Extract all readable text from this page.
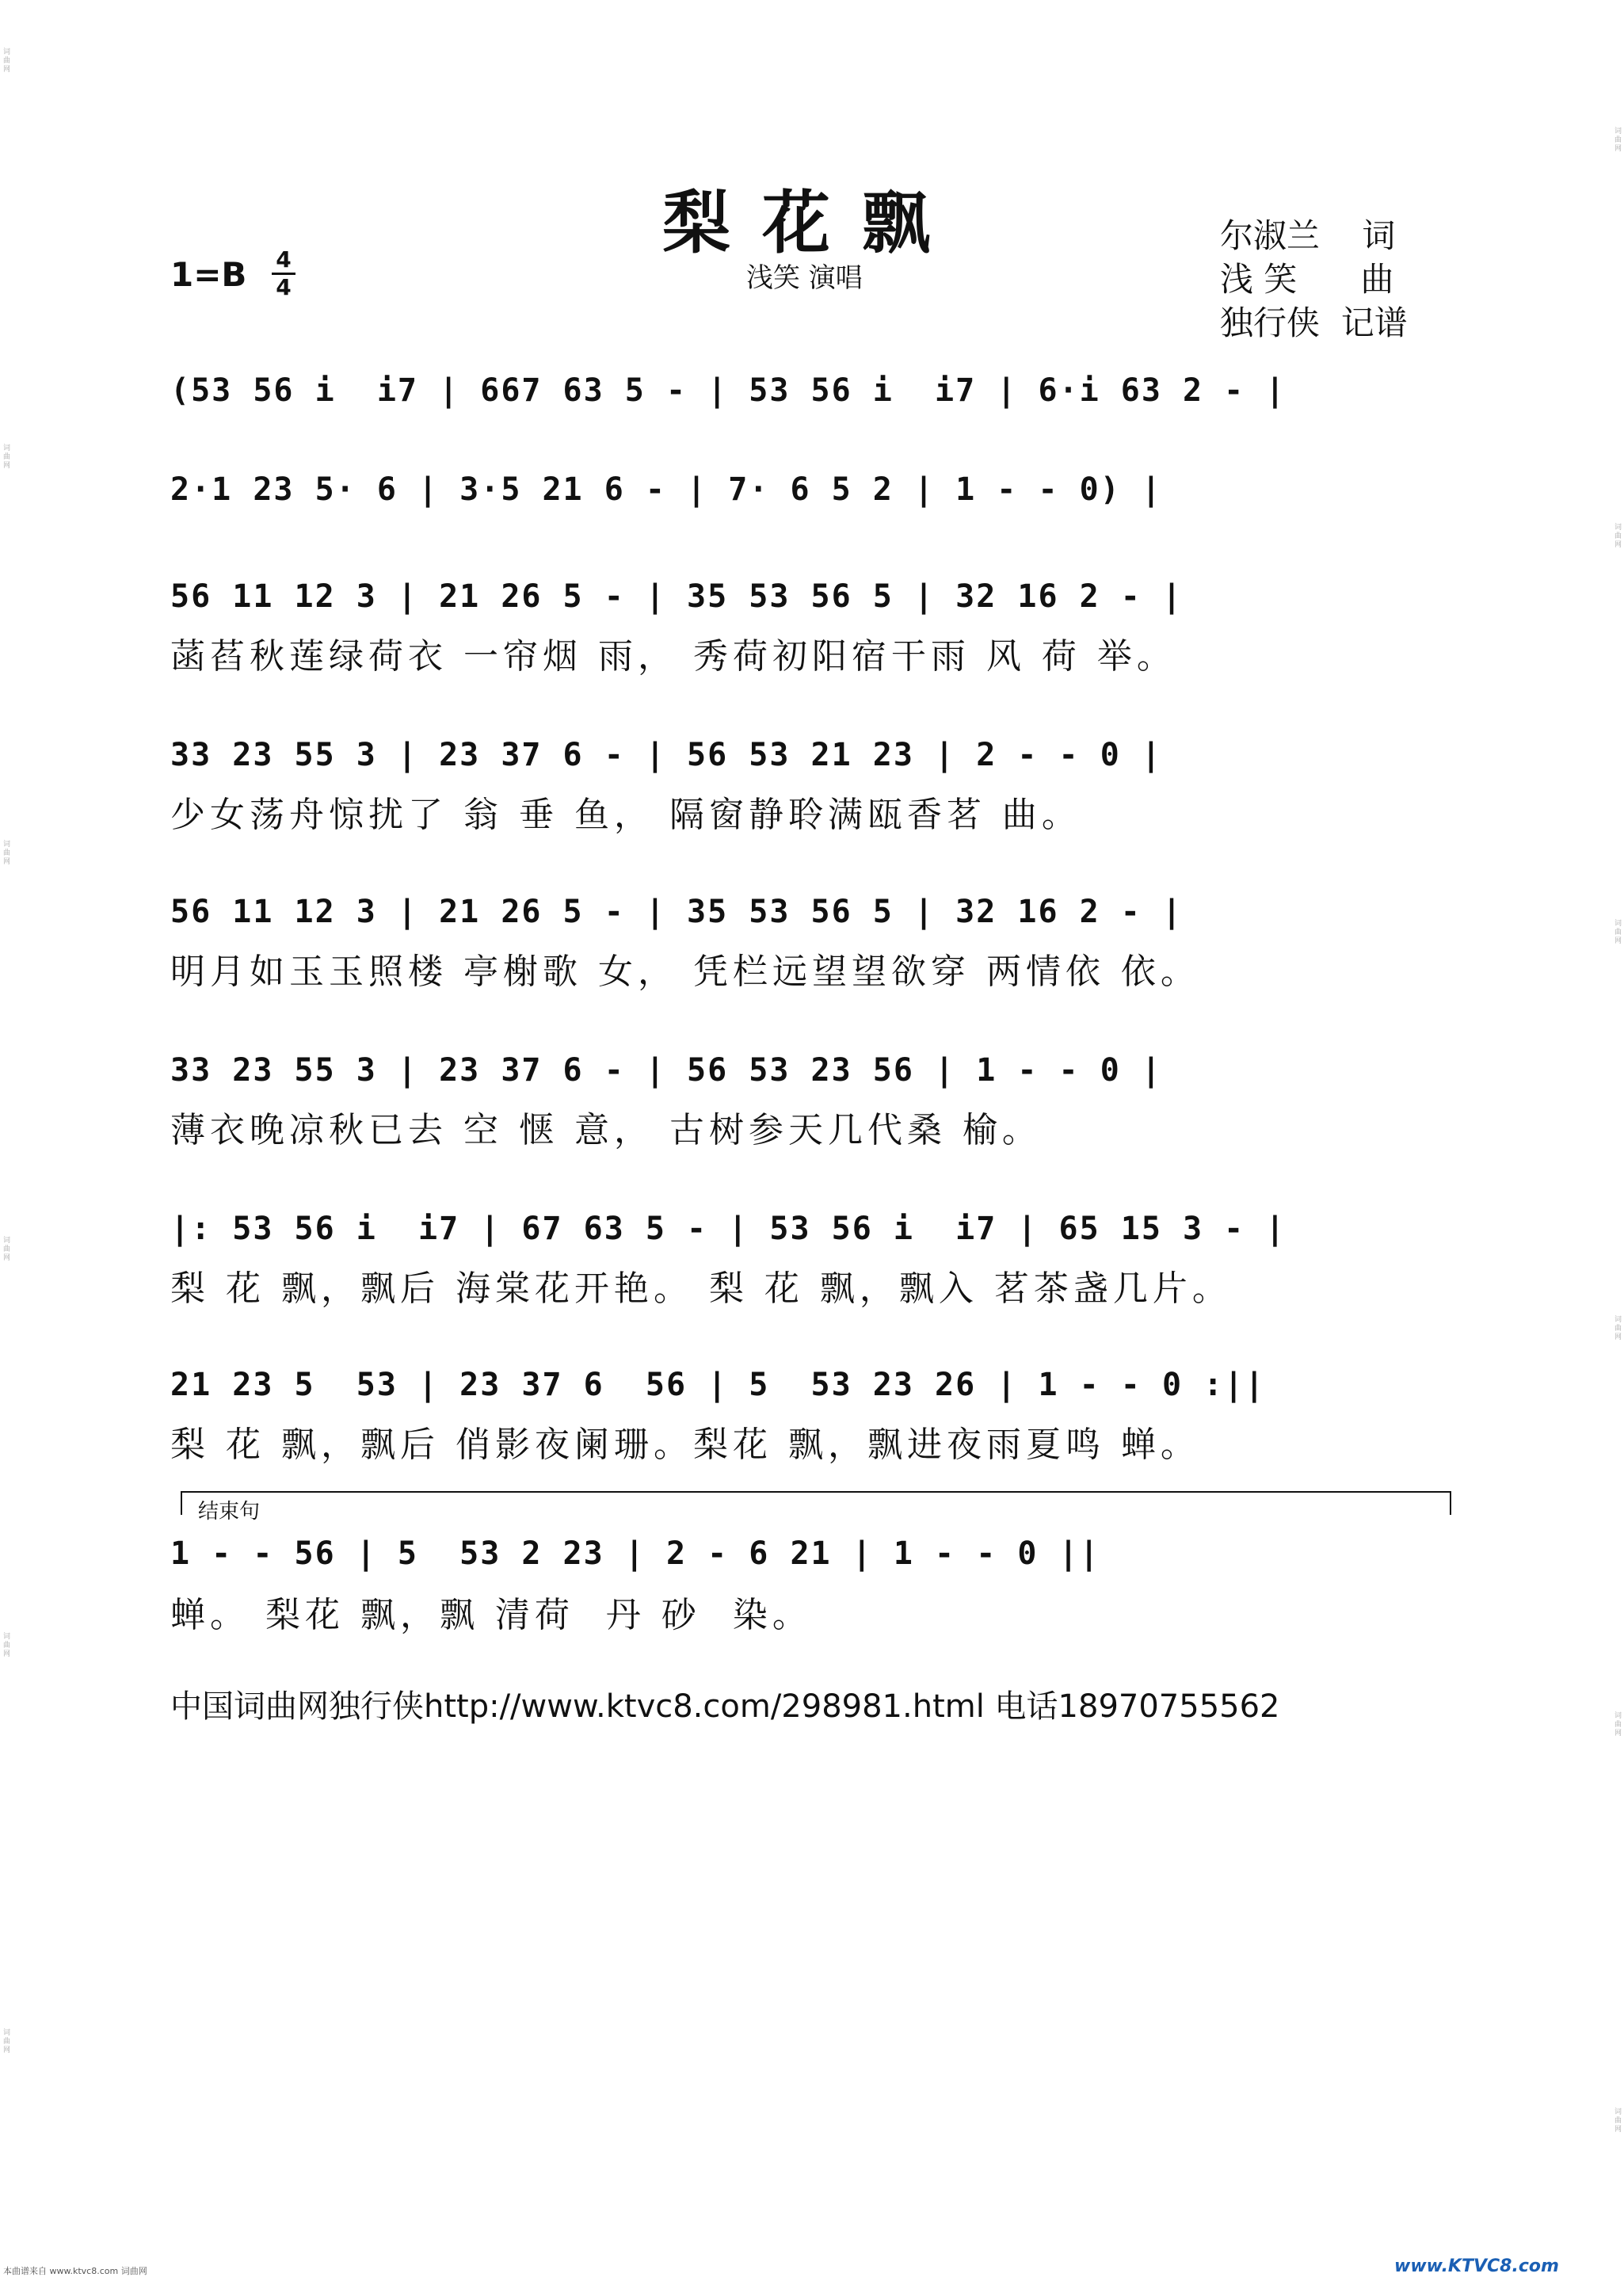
词曲网
词曲网
词曲网
词曲网
词曲网
词曲网
词曲网
词曲网
词曲网
词曲网
词曲网
词曲网
梨花飘
浅笑 演唱
1=B 4
4
尔淑兰    词
浅 笑      曲
独行侠  记谱
(53 56 i  i7 | 667 63 5 - | 53 56 i  i7 | 6·i 63 2 - |
2·1 23 5· 6 | 3·5 21 6 - | 7· 6 5 2 | 1 - - 0) |
56 11 12 3 | 21 26 5 - | 35 53 56 5 | 32 16 2 - |
菡萏秋莲绿荷衣 一帘烟 雨， 秀荷初阳宿干雨 风 荷 举。
33 23 55 3 | 23 37 6 - | 56 53 21 23 | 2 - - 0 |
少女荡舟惊扰了 翁 垂 鱼， 隔窗静聆满瓯香茗 曲。
56 11 12 3 | 21 26 5 - | 35 53 56 5 | 32 16 2 - |
明月如玉玉照楼 亭榭歌 女， 凭栏远望望欲穿 两情依 依。
33 23 55 3 | 23 37 6 - | 56 53 23 56 | 1 - - 0 |
薄衣晚凉秋已去 空 惬 意， 古树参天几代桑 榆。
|: 53 56 i  i7 | 67 63 5 - | 53 56 i  i7 | 65 15 3 - |
梨 花 飘，飘后 海棠花开艳。 梨 花 飘，飘入 茗茶盏几片。
21 23 5  53 | 23 37 6  56 | 5  53 23 26 | 1 - - 0 :||
梨 花 飘，飘后 俏影夜阑珊。梨花 飘，飘进夜雨夏鸣 蝉。
结束句
1 - - 56 | 5  53 2 23 | 2 - 6 21 | 1 - - 0 ||
蝉。 梨花 飘，飘 清荷  丹 砂  染。
中国词曲网独行侠http://www.ktvc8.com/298981.html 电话18970755562
本曲谱来自 www.ktvc8.com 词曲网	www.KTVC8.com
